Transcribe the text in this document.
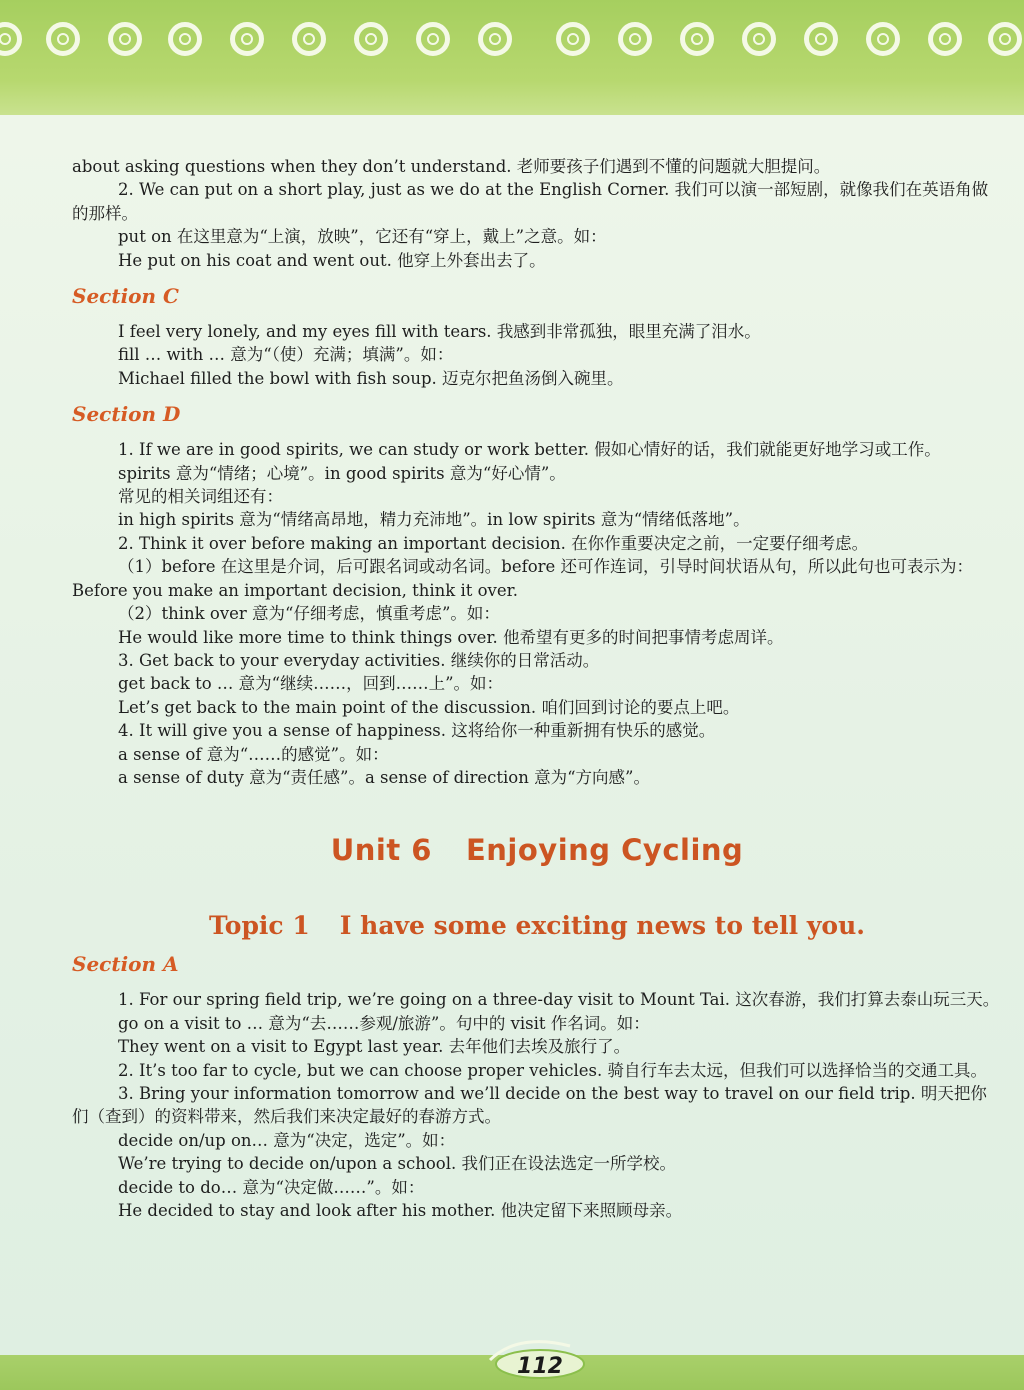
about asking questions when they don’t understand. 老师要孩子们遇到不懂的问题就大胆提问。

2. We can put on a short play, just as we do at the English Corner. 我们可以演一部短剧，就像我们在英语角做的那样。

put on 在这里意为“上演，放映”，它还有“穿上，戴上”之意。如：

He put on his coat and went out. 他穿上外套出去了。

Section C

I feel very lonely, and my eyes fill with tears. 我感到非常孤独，眼里充满了泪水。

fill … with … 意为“（使）充满；填满”。如：

Michael filled the bowl with fish soup. 迈克尔把鱼汤倒入碗里。

Section D

1. If we are in good spirits, we can study or work better. 假如心情好的话，我们就能更好地学习或工作。

spirits 意为“情绪；心境”。in good spirits 意为“好心情”。

常见的相关词组还有：

in high spirits 意为“情绪高昂地，精力充沛地”。in low spirits 意为“情绪低落地”。

2. Think it over before making an important decision. 在你作重要决定之前，一定要仔细考虑。

（1）before 在这里是介词，后可跟名词或动名词。before 还可作连词，引导时间状语从句，所以此句也可表示为：Before you make an important decision, think it over.

（2）think over 意为“仔细考虑，慎重考虑”。如：

He would like more time to think things over. 他希望有更多的时间把事情考虑周详。

3. Get back to your everyday activities. 继续你的日常活动。

get back to … 意为“继续……，回到……上”。如：

Let’s get back to the main point of the discussion. 咱们回到讨论的要点上吧。

4. It will give you a sense of happiness. 这将给你一种重新拥有快乐的感觉。

a sense of 意为“……的感觉”。如：

a sense of duty 意为“责任感”。a sense of direction 意为“方向感”。

Unit 6 Enjoying Cycling
Topic 1 I have some exciting news to tell you.
Section A

1. For our spring field trip, we’re going on a three-day visit to Mount Tai. 这次春游，我们打算去泰山玩三天。

go on a visit to … 意为“去……参观/旅游”。句中的 visit 作名词。如：

They went on a visit to Egypt last year. 去年他们去埃及旅行了。

2. It’s too far to cycle, but we can choose proper vehicles. 骑自行车去太远，但我们可以选择恰当的交通工具。

3. Bring your information tomorrow and we’ll decide on the best way to travel on our field trip. 明天把你们（查到）的资料带来，然后我们来决定最好的春游方式。

decide on/up on… 意为“决定，选定”。如：

We’re trying to decide on/upon a school. 我们正在设法选定一所学校。

decide to do… 意为“决定做……”。如：

He decided to stay and look after his mother. 他决定留下来照顾母亲。

112
